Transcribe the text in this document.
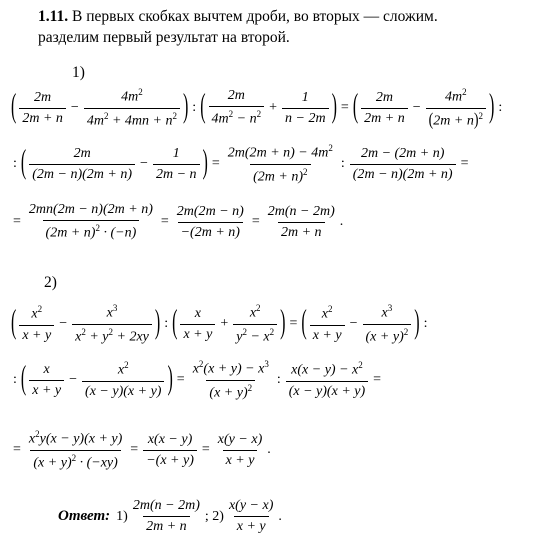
1.11. В первых скобках вычтем дроби, во вторых — сложим.
разделим первый результат на второй.
1)
( $\frac{2m}{2m + n} - \frac{4m^2}{4m^2 + 4mn + n^2}$ ) : ( $\frac{2m}{4m^2 - n^2} + \frac{1}{n - 2m}$ ) = ( $\frac{2m}{2m + n} - \frac{4m^2}{(2m + n)^2}$ ) :
: ( $\frac{2m}{(2m - n)(2m + n)} - \frac{1}{2m - n}$ ) = $\frac{2m(2m + n) - 4m^2}{(2m + n)^2}$ : $\frac{2m - (2m + n)}{(2m - n)(2m + n)}$ =
= $\frac{2mn(2m - n)(2m + n)}{(2m + n)^2 \cdot (-n)} = \frac{2m(2m - n)}{-(2m + n)} = \frac{2m(n - 2m)}{2m + n}$ .
2)
( $\frac{x^2}{x + y} - \frac{x^3}{x^2 + y^2 + 2xy}$ ) : ( $\frac{x}{x + y} + \frac{x^2}{y^2 - x^2}$ ) = ( $\frac{x^2}{x + y} - \frac{x^3}{(x + y)^2}$ ) :
: ( $\frac{x}{x + y} - \frac{x^2}{(x - y)(x + y)}$ ) = $\frac{x^2(x + y) - x^3}{(x + y)^2}$ : $\frac{x(x - y) - x^2}{(x - y)(x + y)}$ =
= $\frac{x^2y(x - y)(x + y)}{(x + y)^2 \cdot (-xy)} = \frac{x(x - y)}{-(x + y)} = \frac{x(y - x)}{x + y}$ .
Ответ: $1) \frac{2m(n - 2m)}{2m + n}$ ;
$2) \frac{x(y - x)}{x + y}$ .
